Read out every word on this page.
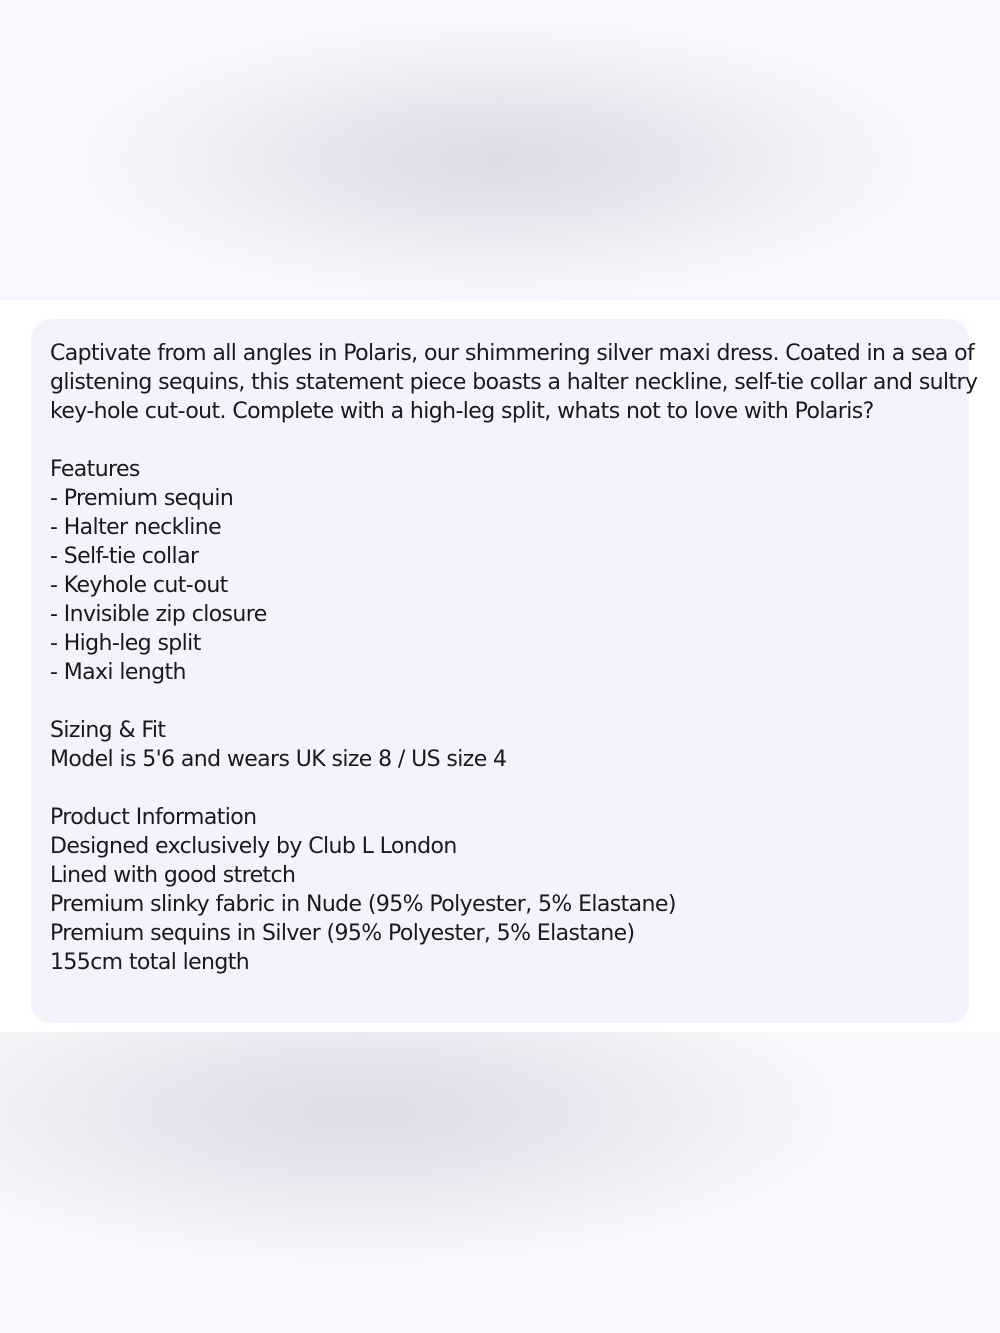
Captivate from all angles in Polaris, our shimmering silver maxi dress. Coated in a sea of
glistening sequins, this statement piece boasts a halter neckline, self-tie collar and sultry
key-hole cut-out. Complete with a high-leg split, whats not to love with Polaris?
Features
- Premium sequin
- Halter neckline
- Self-tie collar
- Keyhole cut-out
- Invisible zip closure
- High-leg split
- Maxi length
Sizing & Fit
Model is 5'6 and wears UK size 8 / US size 4
Product Information
Designed exclusively by Club L London
Lined with good stretch
Premium slinky fabric in Nude (95% Polyester, 5% Elastane)
Premium sequins in Silver (95% Polyester, 5% Elastane)
155cm total length
